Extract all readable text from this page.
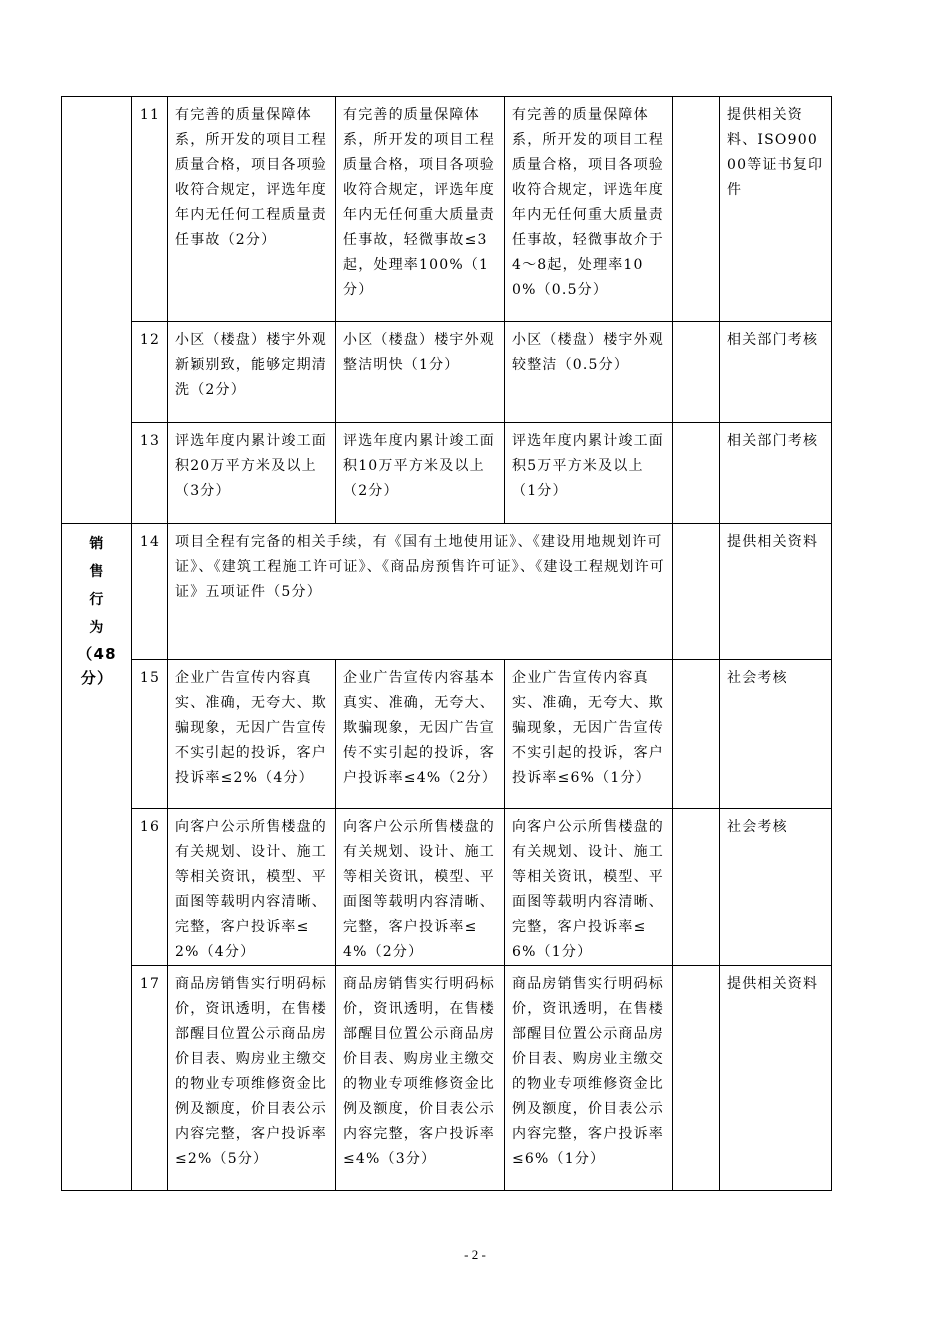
	11	有完善的质量保障体系，所开发的项目工程质量合格，项目各项验收符合规定，评选年度年内无任何工程质量责任事故（2分）	有完善的质量保障体系，所开发的项目工程质量合格，项目各项验收符合规定，评选年度年内无任何重大质量责任事故，轻微事故≤3起，处理率100%（1分）	有完善的质量保障体系，所开发的项目工程质量合格，项目各项验收符合规定，评选年度年内无任何重大质量责任事故，轻微事故介于4～8起，处理率100%（0.5分）		提供相关资料、ISO90000等证书复印件
	12	小区（楼盘）楼宇外观新颖别致，能够定期清洗（2分）	小区（楼盘）楼宇外观整洁明快（1分）	小区（楼盘）楼宇外观较整洁（0.5分）		相关部门考核
	13	评选年度内累计竣工面积20万平方米及以上（3分）	评选年度内累计竣工面积10万平方米及以上（2分）	评选年度内累计竣工面积5万平方米及以上（1分）		相关部门考核

销售行为
（48分）	14	项目全程有完备的相关手续，有《国有土地使用证》、《建设用地规划许可证》、《建筑工程施工许可证》、《商品房预售许可证》、《建设工程规划许可证》五项证件（5分）				提供相关资料
	15	企业广告宣传内容真实、准确，无夸大、欺骗现象，无因广告宣传不实引起的投诉，客户投诉率≤2%（4分）	企业广告宣传内容基本真实、准确，无夸大、欺骗现象，无因广告宣传不实引起的投诉，客户投诉率≤4%（2分）	企业广告宣传内容真实、准确，无夸大、欺骗现象，无因广告宣传不实引起的投诉，客户投诉率≤6%（1分）		社会考核
	16	向客户公示所售楼盘的有关规划、设计、施工等相关资讯，模型、平面图等载明内容清晰、完整，客户投诉率≤ 2%（4分）	向客户公示所售楼盘的有关规划、设计、施工等相关资讯，模型、平面图等载明内容清晰、完整，客户投诉率≤ 4%（2分）	向客户公示所售楼盘的有关规划、设计、施工等相关资讯，模型、平面图等载明内容清晰、完整，客户投诉率≤ 6%（1分）		社会考核
	17	商品房销售实行明码标价，资讯透明，在售楼部醒目位置公示商品房价目表、购房业主缴交的物业专项维修资金比例及额度，价目表公示内容完整，客户投诉率≤2%（5分）	商品房销售实行明码标价，资讯透明，在售楼部醒目位置公示商品房价目表、购房业主缴交的物业专项维修资金比例及额度，价目表公示内容完整，客户投诉率≤4%（3分）	商品房销售实行明码标价，资讯透明，在售楼部醒目位置公示商品房价目表、购房业主缴交的物业专项维修资金比例及额度，价目表公示内容完整，客户投诉率≤6%（1分）		提供相关资料
- 2 -
